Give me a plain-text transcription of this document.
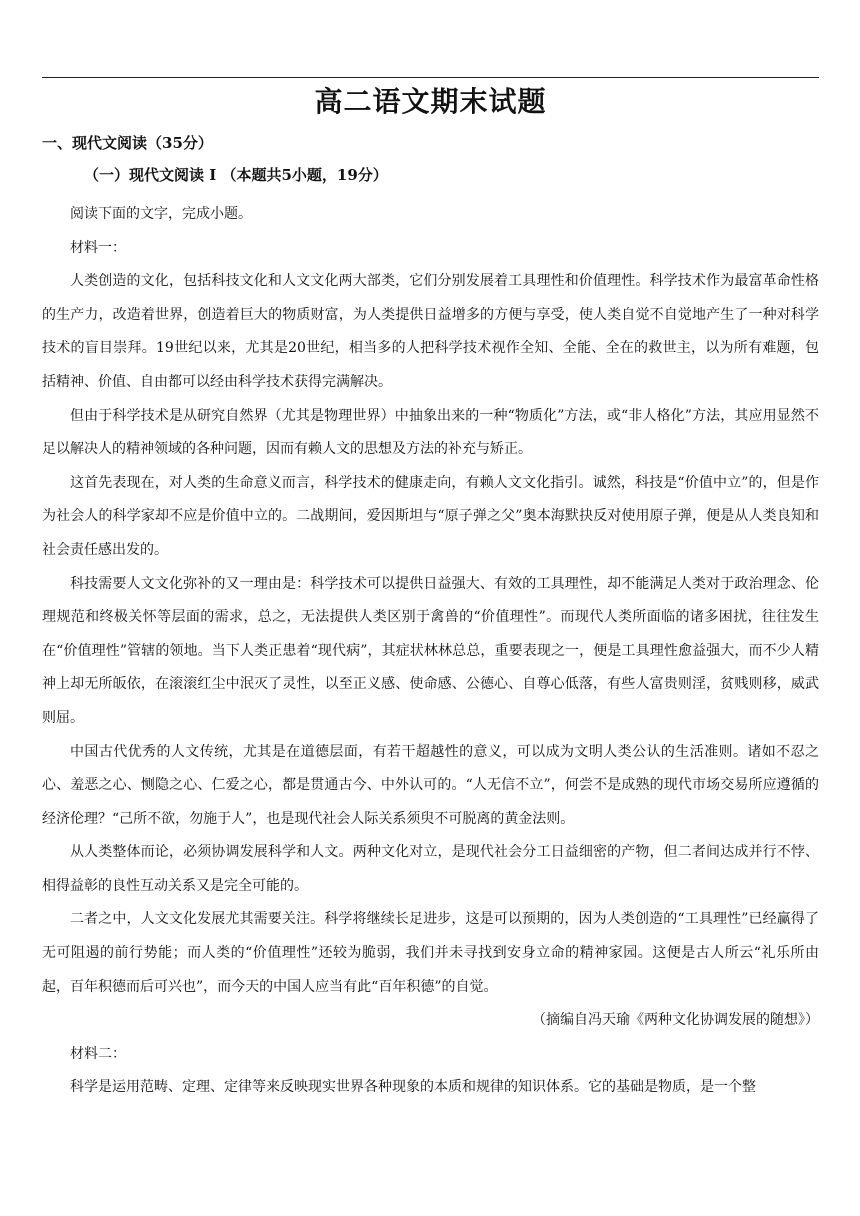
高二语文期末试题
一、现代文阅读（35分）
（一）现代文阅读 I （本题共5小题，19分）

阅读下面的文字，完成小题。

材料一：

人类创造的文化，包括科技文化和人文文化两大部类，它们分别发展着工具理性和价值理性。科学技术作为最富革命性格的生产力，改造着世界，创造着巨大的物质财富，为人类提供日益增多的方便与享受，使人类自觉不自觉地产生了一种对科学技术的盲目崇拜。19世纪以来，尤其是20世纪，相当多的人把科学技术视作全知、全能、全在的救世主，以为所有难题，包括精神、价值、自由都可以经由科学技术获得完满解决。

但由于科学技术是从研究自然界（尤其是物理世界）中抽象出来的一种“物质化”方法，或“非人格化”方法，其应用显然不足以解决人的精神领域的各种问题，因而有赖人文的思想及方法的补充与矫正。

这首先表现在，对人类的生命意义而言，科学技术的健康走向，有赖人文文化指引。诚然，科技是“价值中立”的，但是作为社会人的科学家却不应是价值中立的。二战期间，爱因斯坦与“原子弹之父”奥本海默抉反对使用原子弹，便是从人类良知和社会责任感出发的。

科技需要人文文化弥补的又一理由是：科学技术可以提供日益强大、有效的工具理性，却不能满足人类对于政治理念、伦理规范和终极关怀等层面的需求，总之，无法提供人类区别于禽兽的“价值理性”。而现代人类所面临的诸多困扰，往往发生在“价值理性”管辖的领地。当下人类正患着“现代病”，其症状林林总总，重要表现之一，便是工具理性愈益强大，而不少人精神上却无所皈依，在滚滚红尘中泯灭了灵性，以至正义感、使命感、公德心、自尊心低落，有些人富贵则淫，贫贱则移，威武则屈。

中国古代优秀的人文传统，尤其是在道德层面，有若干超越性的意义，可以成为文明人类公认的生活准则。诸如不忍之心、羞恶之心、恻隐之心、仁爱之心，都是贯通古今、中外认可的。“人无信不立”，何尝不是成熟的现代市场交易所应遵循的经济伦理？“己所不欲，勿施于人”，也是现代社会人际关系须臾不可脱离的黄金法则。

从人类整体而论，必须协调发展科学和人文。两种文化对立，是现代社会分工日益细密的产物，但二者间达成并行不悖、相得益彰的良性互动关系又是完全可能的。

二者之中，人文文化发展尤其需要关注。科学将继续长足进步，这是可以预期的，因为人类创造的“工具理性”已经赢得了无可阻遏的前行势能；而人类的“价值理性”还较为脆弱，我们并未寻找到安身立命的精神家园。这便是古人所云“礼乐所由起，百年积德而后可兴也”，而今天的中国人应当有此“百年积德”的自觉。

（摘编自冯天瑜《两种文化协调发展的随想》）

材料二：

科学是运用范畴、定理、定律等来反映现实世界各种现象的本质和规律的知识体系。它的基础是物质，是一个整
